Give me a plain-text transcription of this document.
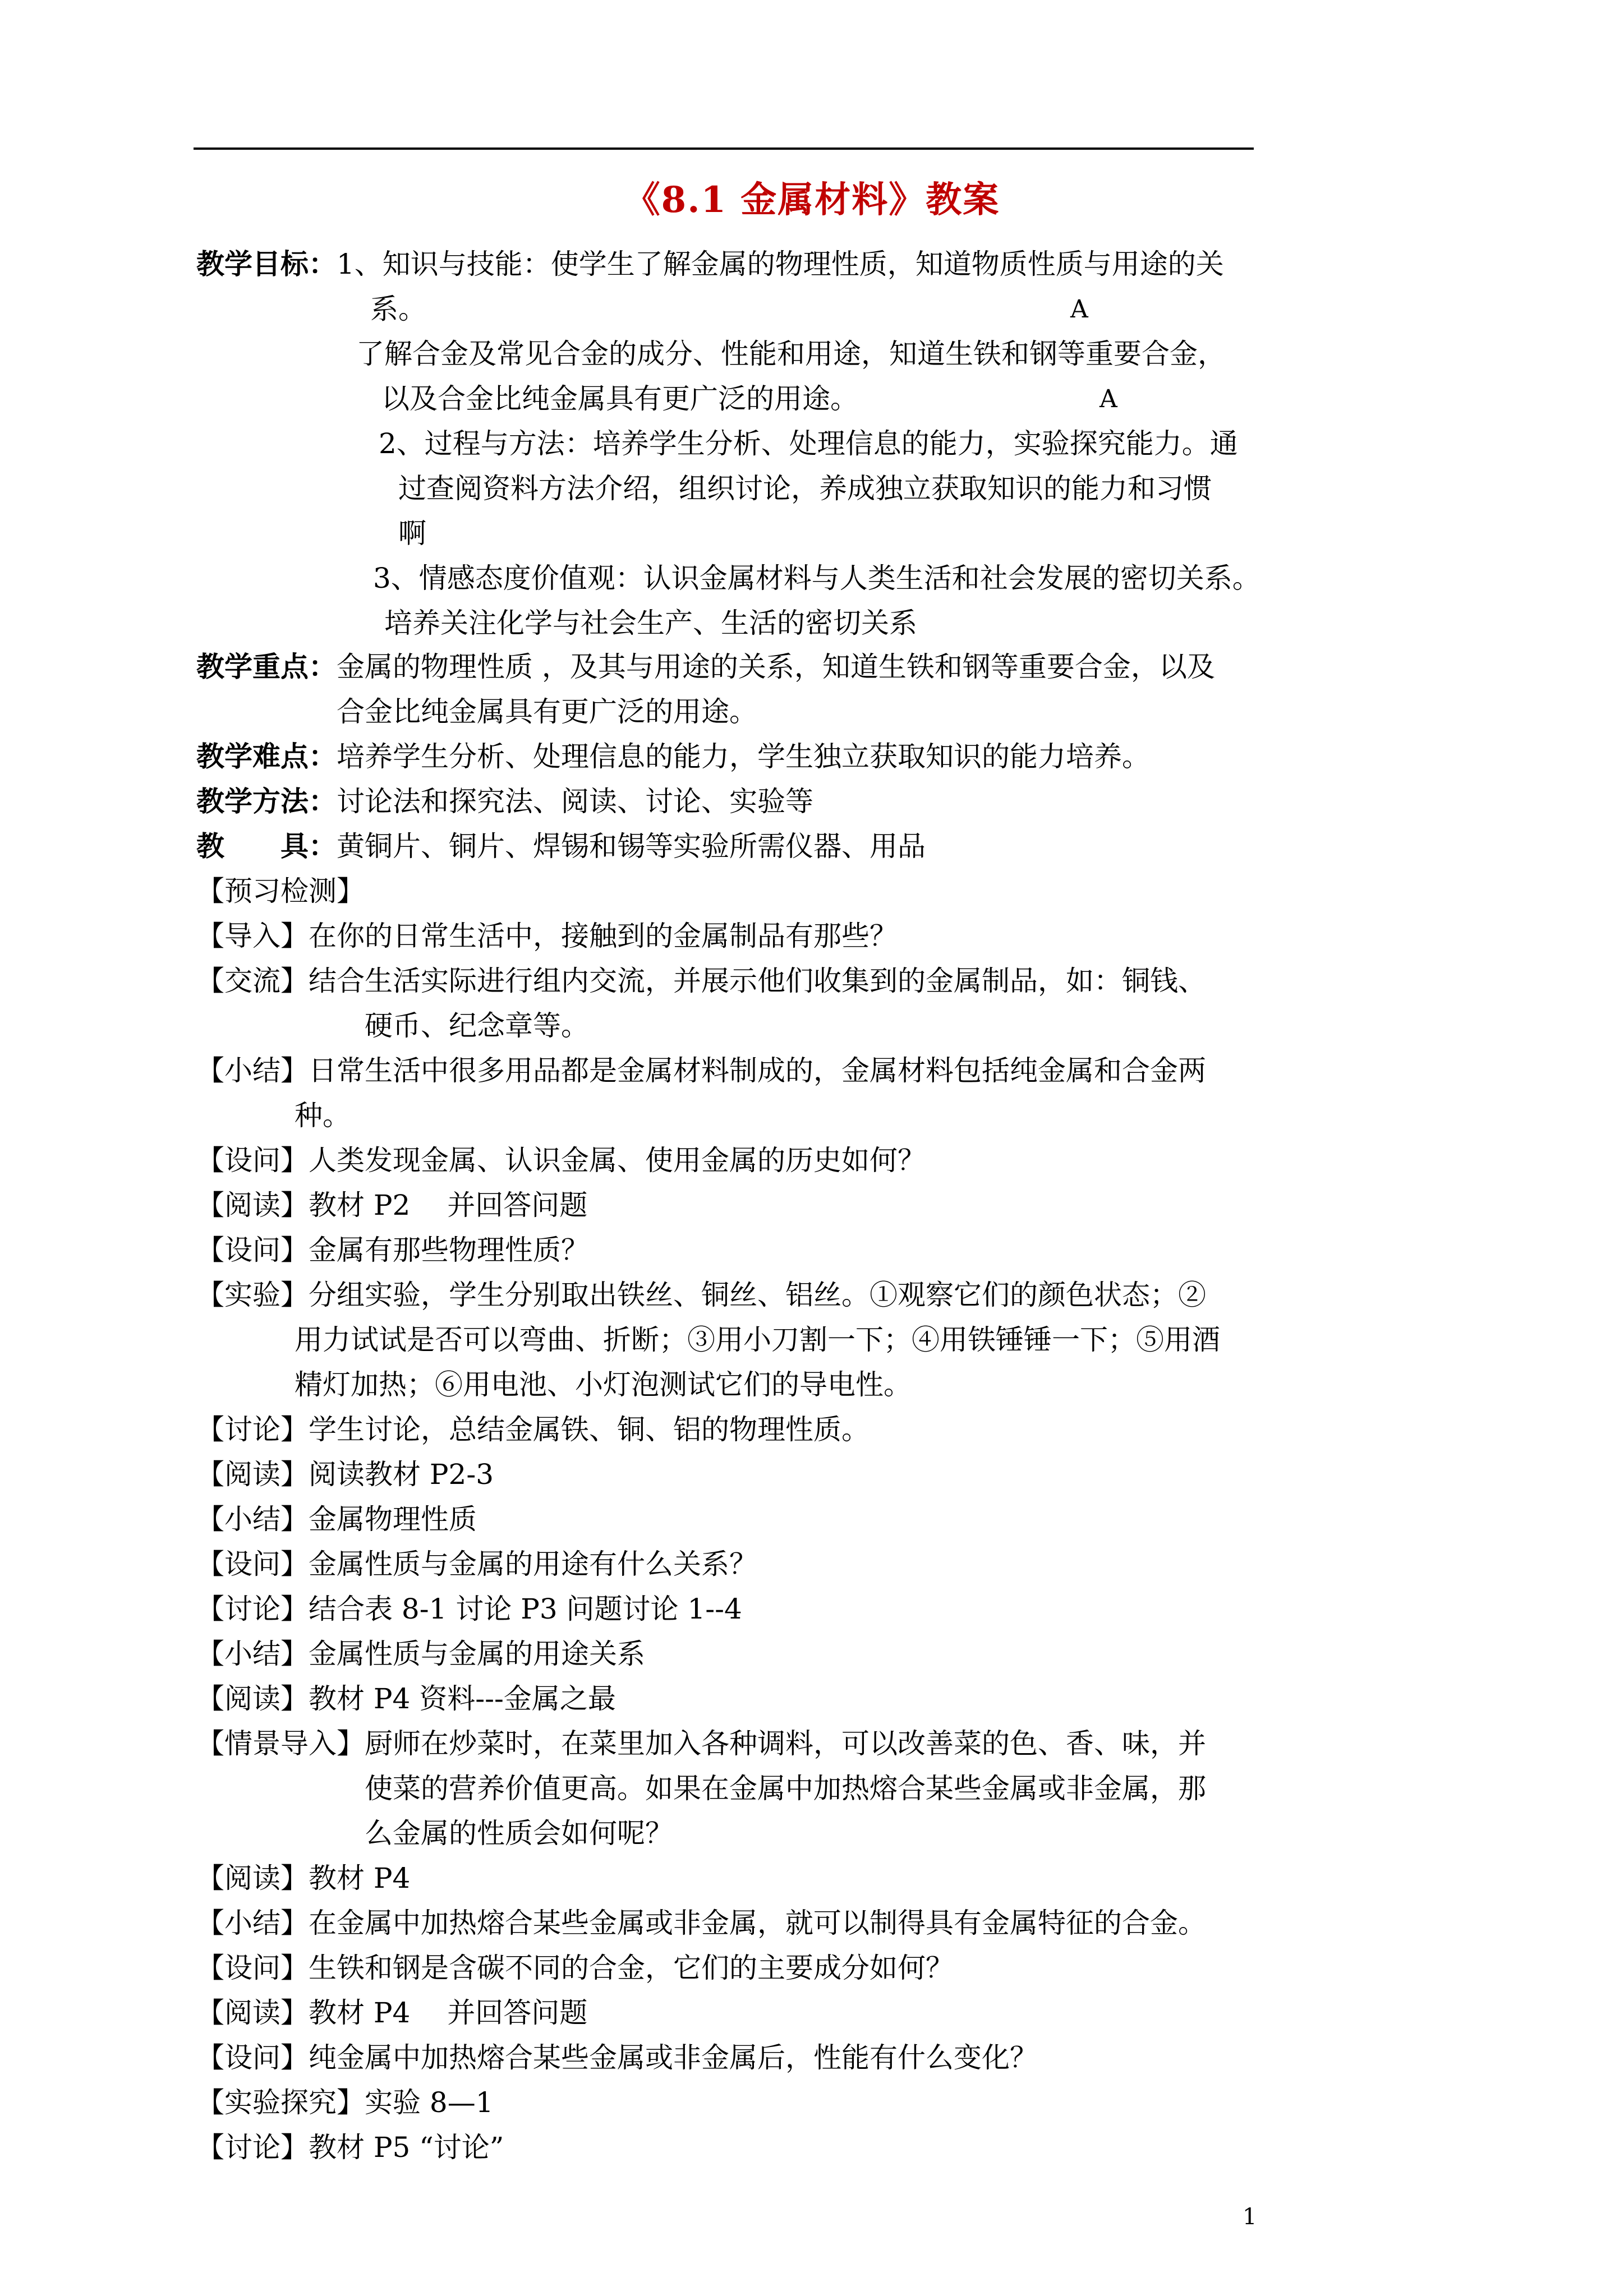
《8.1 金属材料》教案
教学目标： 1、知识与技能：使学生了解金属的物理性质，知道物质性质与用途的关
系。	A
了解合金及常见合金的成分、性能和用途，知道生铁和钢等重要合金，
以及合金比纯金属具有更广泛的用途。	A
2、过程与方法：培养学生分析、处理信息的能力，实验探究能力。通
过查阅资料方法介绍，组织讨论，养成独立获取知识的能力和习惯
啊
3、情感态度价值观：认识金属材料与人类生活和社会发展的密切关系。
培养关注化学与社会生产、生活的密切关系
教学重点： 金属的物理性质 ，及其与用途的关系，知道生铁和钢等重要合金，以及
合金比纯金属具有更广泛的用途。
教学难点： 培养学生分析、处理信息的能力，学生独立获取知识的能力培养。
教学方法： 讨论法和探究法、阅读、讨论、实验等
教　　具： 黄铜片、铜片、焊锡和锡等实验所需仪器、用品
【预习检测】
【导入】 在你的日常生活中，接触到的金属制品有那些？
【交流】 结合生活实际进行组内交流，并展示他们收集到的金属制品，如：铜钱、
硬币、纪念章等。
【小结】 日常生活中很多用品都是金属材料制成的，金属材料包括纯金属和合金两
种。
【设问】 人类发现金属、认识金属、使用金属的历史如何？
【阅读】 教材 P2　 并回答问题
【设问】 金属有那些物理性质？
【实验】 分组实验，学生分别取出铁丝、铜丝、铝丝。①观察它们的颜色状态；②
用力试试是否可以弯曲、折断；③用小刀割一下；④用铁锤锤一下；⑤用酒
精灯加热；⑥用电池、小灯泡测试它们的导电性。
【讨论】 学生讨论，总结金属铁、铜、铝的物理性质。
【阅读】 阅读教材 P2-3
【小结】 金属物理性质
【设问】 金属性质与金属的用途有什么关系？
【讨论】 结合表 8-1 讨论 P3 问题讨论 1--4
【小结】 金属性质与金属的用途关系
【阅读】 教材 P4 资料---金属之最
【情景导入】 厨师在炒菜时，在菜里加入各种调料，可以改善菜的色、香、味，并
使菜的营养价值更高。如果在金属中加热熔合某些金属或非金属，那
么金属的性质会如何呢？
【阅读】 教材 P4
【小结】 在金属中加热熔合某些金属或非金属，就可以制得具有金属特征的合金。
【设问】 生铁和钢是含碳不同的合金，它们的主要成分如何？
【阅读】 教材 P4　 并回答问题
【设问】 纯金属中加热熔合某些金属或非金属后，性能有什么变化？
【实验探究】 实验 8—1
【讨论】 教材 P5 “讨论”
1
